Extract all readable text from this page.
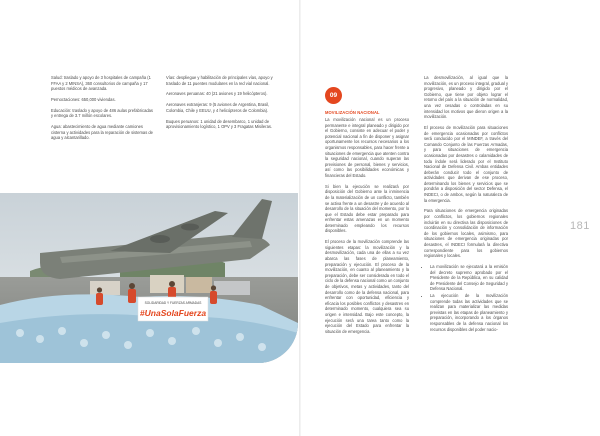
181

Salud: traslado y apoyo de 3 hospitales de campaña (1 FFAA y 2 MINSA), 360 consultorios de campaña y 17 puestos médicos de avanzada.

Pernoctaciones: 650,000 viviendas.

Educación: traslado y apoyo de 486 aulas prefabricadas y entrega de 3.7 millón escolares.

Agua: abastecimiento de agua mediante camiones cisterna y actividades para la reparación de sistemas de agua y alcantarillado.

Vías: despliegue y habilitación de principales vías, apoyo y traslado de 11 puentes modulares en la red vial nacional.

Aeronaves peruanas: 40 (21 aviones y 19 helicópteros).

Aeronaves extranjeras: 9 (5 aviones de Argentina, Brasil, Colombia, Chile y EEUU, y 4 helicópteros de Colombia).

Buques peruanos: 1 unidad de desembarco, 1 unidad de aprovisionamiento logístico, 1 OPV y 3 Fragatas Misileras.

SOLIDARIDAD Y FUERZAS ARMADAS
#UnaSolaFuerza
09
MOVILIZACIÓN NACIONAL

La movilización nacional es un proceso permanente e integral planeado y dirigido por el Gobierno, consiste en adecuar el poder y potencial nacional a fin de disponer y asignar oportunamente los recursos necesarios a los organismos responsables, para hacer frente a situaciones de emergencia que atenten contra la seguridad nacional, cuando superan las previsiones de personal, bienes y servicios, así como las posibilidades económicas y financieras del Estado.

Si bien la ejecución se realizará por disposición del Gobierno ante la inminencia de la materialización de un conflicto, también se activa frente a un desastre y de acuerdo al desarrollo de la situación del momento, por lo que el Estado debe estar preparado para enfrentar estas amenazas en un momento determinado empleando los recursos disponibles.

El proceso de la movilización comprende las siguientes etapas: la movilización y la desmovilización, cada una de ellas a su vez abarca las fases de planeamiento, preparación y ejecución. El proceso de la movilización, en cuanto al planeamiento y la preparación, debe ser considerada en todo el ciclo de la defensa nacional como un conjunto de objetivos, metas y actividades, tanto del desarrollo como de la defensa nacional, para enfrentar con oportunidad, eficiencia y eficacia los posibles conflictos y desastres en determinado momento, cualquiera sea su origen e intensidad. Bajo este concepto, la ejecución será una tarea tanto como la ejecución del Estado para enfrentar la situación de emergencia.

La desmovilización, al igual que la movilización, es un proceso integral, gradual y progresivo, planeado y dirigido por el Gobierno, que tiene por objeto lograr el retorno del país a la situación de normalidad, una vez cesadas o controladas en su intensidad los motivos que dieron origen a la movilización.

El proceso de movilización para situaciones de emergencia ocasionadas por conflictos será conducido por el MINDEF, a través del Comando Conjunto de las Fuerzas Armadas, y para situaciones de emergencia ocasionadas por desastres o calamidades de toda índole será liderado por el Instituto Nacional de Defensa Civil. Ambas entidades deberán conducir todo el conjunto de actividades que derivan de ese proceso, determinando los bienes y servicios que se pondrán a disposición del sector Defensa, el INDECI, o de ambos, según la naturaleza de la emergencia.

Para situaciones de emergencia originadas por conflictos, los gobiernos regionales incluirán en su directiva las disposiciones de coordinación y consolidación de información de los gobiernos locales, asimismo, para situaciones de emergencia originadas por desastres, el INDECI formulará la directiva correspondiente para los gobiernos regionales y locales.

• La movilización se ejecutará a la emisión del decreto supremo aprobado por el Presidente de la República, en su calidad de Presidente del Consejo de Seguridad y Defensa Nacional.
• La ejecución de la movilización comprende todas las actividades que se realizan para materializar las medidas previstas en las etapas de planeamiento y preparación, incorporando a los órganos responsables de la defensa nacional los recursos disponibles del poder nacio-
